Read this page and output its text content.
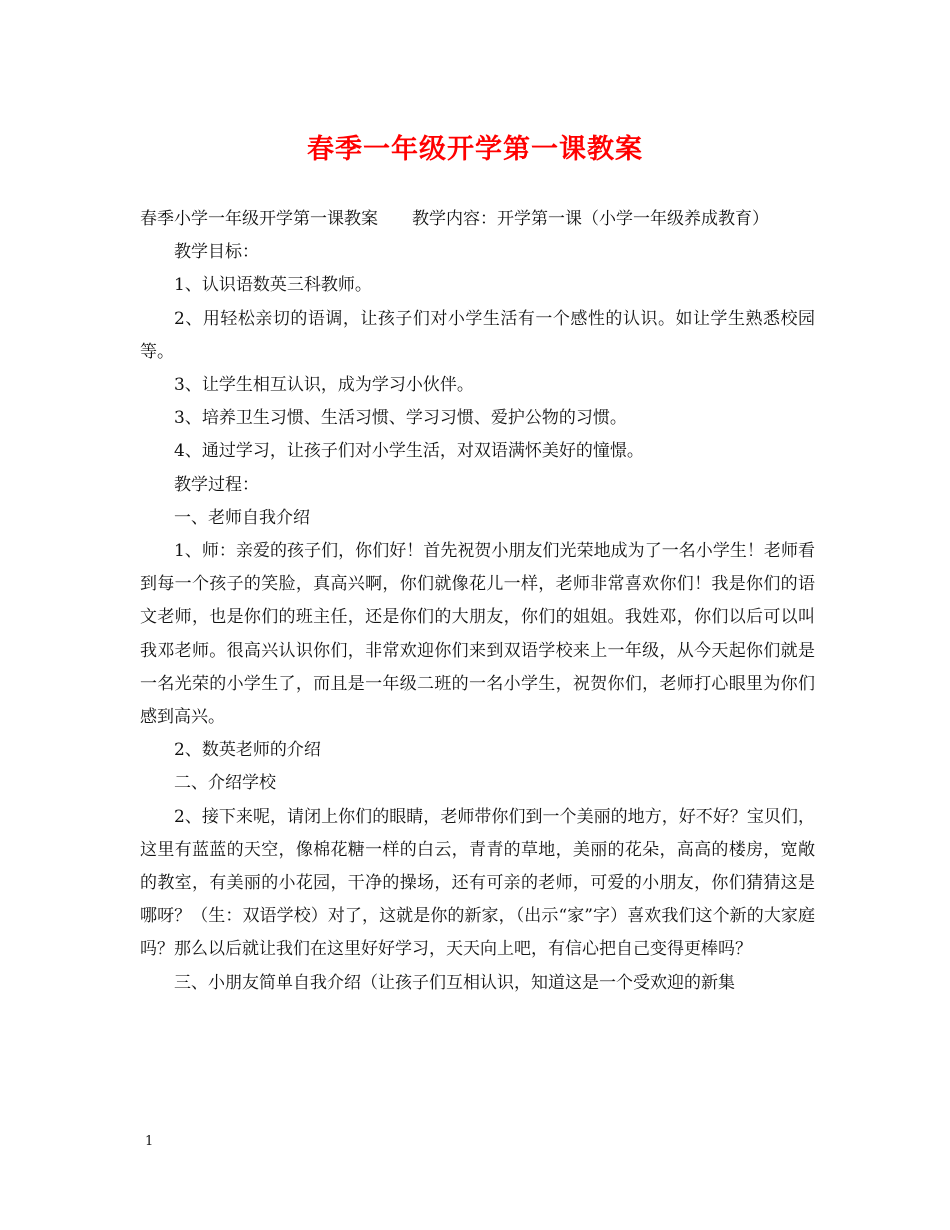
春季一年级开学第一课教案

春季小学一年级开学第一课教案　　教学内容：开学第一课（小学一年级养成教育）

教学目标：

1、认识语数英三科教师。

2、用轻松亲切的语调，让孩子们对小学生活有一个感性的认识。如让学生熟悉校园等。

3、让学生相互认识，成为学习小伙伴。

3、培养卫生习惯、生活习惯、学习习惯、爱护公物的习惯。

4、通过学习，让孩子们对小学生活，对双语满怀美好的憧憬。

教学过程：

一、老师自我介绍

1、师：亲爱的孩子们，你们好！首先祝贺小朋友们光荣地成为了一名小学生！老师看到每一个孩子的笑脸，真高兴啊，你们就像花儿一样，老师非常喜欢你们！我是你们的语文老师，也是你们的班主任，还是你们的大朋友，你们的姐姐。我姓邓，你们以后可以叫我邓老师。很高兴认识你们，非常欢迎你们来到双语学校来上一年级，从今天起你们就是一名光荣的小学生了，而且是一年级二班的一名小学生，祝贺你们，老师打心眼里为你们感到高兴。

2、数英老师的介绍

二、介绍学校

2、接下来呢，请闭上你们的眼睛，老师带你们到一个美丽的地方，好不好？宝贝们，这里有蓝蓝的天空，像棉花糖一样的白云，青青的草地，美丽的花朵，高高的楼房，宽敞的教室，有美丽的小花园，干净的操场，还有可亲的老师，可爱的小朋友，你们猜猜这是哪呀？（生：双语学校）对了，这就是你的新家，（出示“家”字）喜欢我们这个新的大家庭吗？那么以后就让我们在这里好好学习，天天向上吧，有信心把自己变得更棒吗？

三、小朋友简单自我介绍（让孩子们互相认识，知道这是一个受欢迎的新集

1
